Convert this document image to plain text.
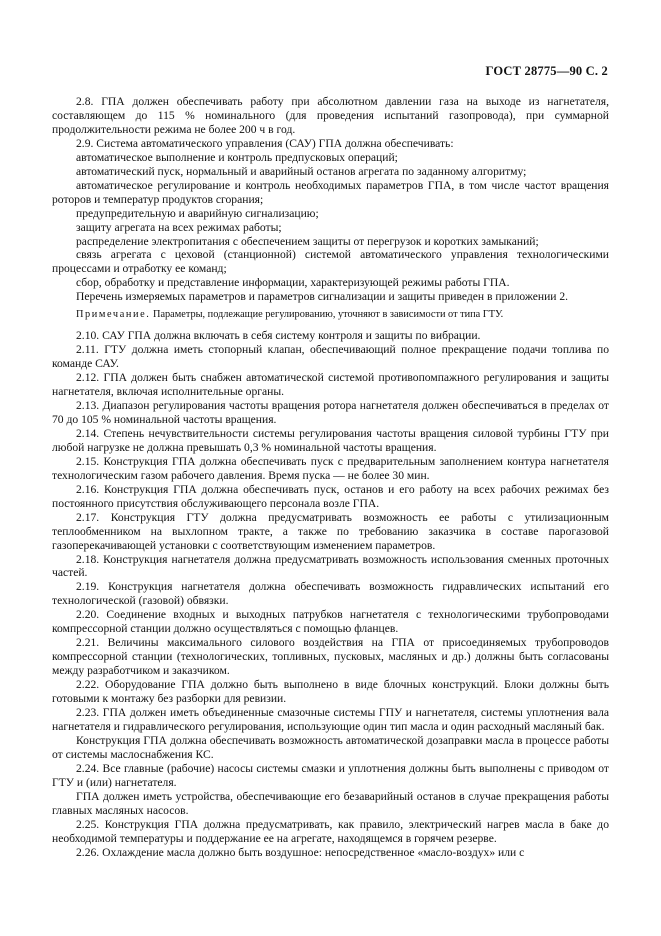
ГОСТ 28775—90 С. 2

2.8. ГПА должен обеспечивать работу при абсолютном давлении газа на выходе из нагнетателя, составляющем до 115 % номинального (для проведения испытаний газопровода), при суммарной продолжительности режима не более 200 ч в год.

2.9. Система автоматического управления (САУ) ГПА должна обеспечивать:

автоматическое выполнение и контроль предпусковых операций;

автоматический пуск, нормальный и аварийный останов агрегата по заданному алгоритму;

автоматическое регулирование и контроль необходимых параметров ГПА, в том числе частот вращения роторов и температур продуктов сгорания;

предупредительную и аварийную сигнализацию;

защиту агрегата на всех режимах работы;

распределение электропитания с обеспечением защиты от перегрузок и коротких замыканий;

связь агрегата с цеховой (станционной) системой автоматического управления технологическими процессами и отработку ее команд;

сбор, обработку и представление информации, характеризующей режимы работы ГПА.

Перечень измеряемых параметров и параметров сигнализации и защиты приведен в приложении 2.

Примечание. Параметры, подлежащие регулированию, уточняют в зависимости от типа ГТУ.

2.10. САУ ГПА должна включать в себя систему контроля и защиты по вибрации.

2.11. ГТУ должна иметь стопорный клапан, обеспечивающий полное прекращение подачи топлива по команде САУ.

2.12. ГПА должен быть снабжен автоматической системой противопомпажного регулирования и защиты нагнетателя, включая исполнительные органы.

2.13. Диапазон регулирования частоты вращения ротора нагнетателя должен обеспечиваться в пределах от 70 до 105 % номинальной частоты вращения.

2.14. Степень нечувствительности системы регулирования частоты вращения силовой турбины ГТУ при любой нагрузке не должна превышать 0,3 % номинальной частоты вращения.

2.15. Конструкция ГПА должна обеспечивать пуск с предварительным заполнением контура нагнетателя технологическим газом рабочего давления. Время пуска — не более 30 мин.

2.16. Конструкция ГПА должна обеспечивать пуск, останов и его работу на всех рабочих режимах без постоянного присутствия обслуживающего персонала возле ГПА.

2.17. Конструкция ГТУ должна предусматривать возможность ее работы с утилизационным теплообменником на выхлопном тракте, а также по требованию заказчика в составе парогазовой газоперекачивающей установки с соответствующим изменением параметров.

2.18. Конструкция нагнетателя должна предусматривать возможность использования сменных проточных частей.

2.19. Конструкция нагнетателя должна обеспечивать возможность гидравлических испытаний его технологической (газовой) обвязки.

2.20. Соединение входных и выходных патрубков нагнетателя с технологическими трубопроводами компрессорной станции должно осуществляться с помощью фланцев.

2.21. Величины максимального силового воздействия на ГПА от присоединяемых трубопроводов компрессорной станции (технологических, топливных, пусковых, масляных и др.) должны быть согласованы между разработчиком и заказчиком.

2.22. Оборудование ГПА должно быть выполнено в виде блочных конструкций. Блоки должны быть готовыми к монтажу без разборки для ревизии.

2.23. ГПА должен иметь объединенные смазочные системы ГПУ и нагнетателя, системы уплотнения вала нагнетателя и гидравлического регулирования, использующие один тип масла и один расходный масляный бак.

Конструкция ГПА должна обеспечивать возможность автоматической дозаправки масла в процессе работы от системы маслоснабжения КС.

2.24. Все главные (рабочие) насосы системы смазки и уплотнения должны быть выполнены с приводом от ГТУ и (или) нагнетателя.

ГПА должен иметь устройства, обеспечивающие его безаварийный останов в случае прекращения работы главных масляных насосов.

2.25. Конструкция ГПА должна предусматривать, как правило, электрический нагрев масла в баке до необходимой температуры и поддержание ее на агрегате, находящемся в горячем резерве.

2.26. Охлаждение масла должно быть воздушное: непосредственное «масло-воздух» или с
